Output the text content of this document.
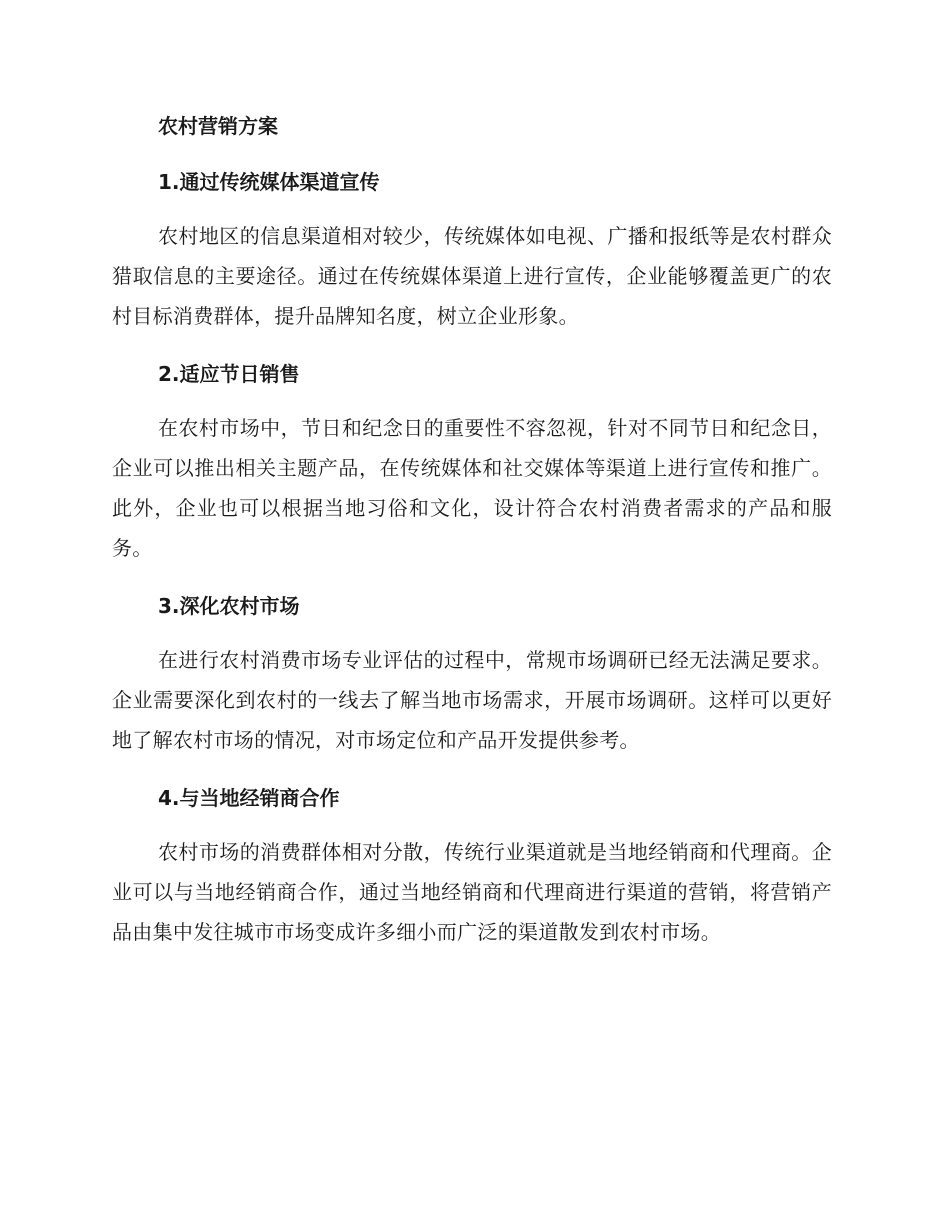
农村营销方案
1.通过传统媒体渠道宣传

农村地区的信息渠道相对较少，传统媒体如电视、广播和报纸等是农村群众猎取信息的主要途径。通过在传统媒体渠道上进行宣传，企业能够覆盖更广的农村目标消费群体，提升品牌知名度，树立企业形象。

2.适应节日销售

在农村市场中，节日和纪念日的重要性不容忽视，针对不同节日和纪念日，企业可以推出相关主题产品，在传统媒体和社交媒体等渠道上进行宣传和推广。此外，企业也可以根据当地习俗和文化，设计符合农村消费者需求的产品和服务。

3.深化农村市场

在进行农村消费市场专业评估的过程中，常规市场调研已经无法满足要求。企业需要深化到农村的一线去了解当地市场需求，开展市场调研。这样可以更好地了解农村市场的情况，对市场定位和产品开发提供参考。

4.与当地经销商合作

农村市场的消费群体相对分散，传统行业渠道就是当地经销商和代理商。企业可以与当地经销商合作，通过当地经销商和代理商进行渠道的营销，将营销产品由集中发往城市市场变成许多细小而广泛的渠道散发到农村市场。
